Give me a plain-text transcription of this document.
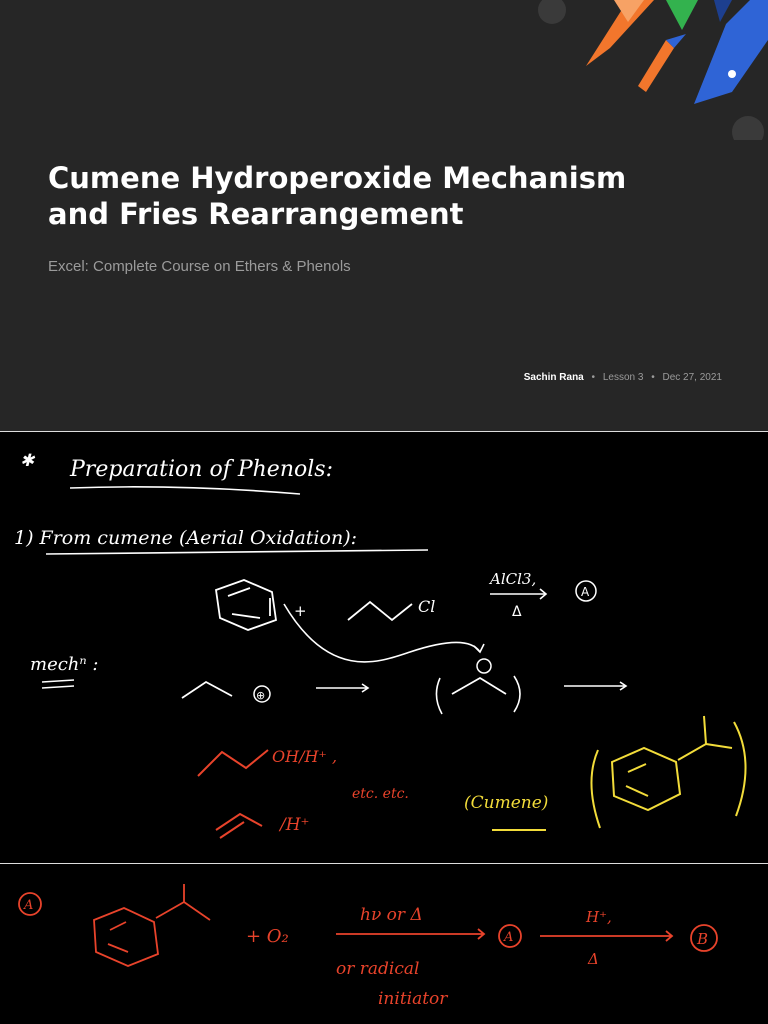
Cumene Hydroperoxide Mechanism
and Fries Rearrangement
Excel: Complete Course on Ethers & Phenols
Sachin Rana • Lesson 3 • Dec 27, 2021
✱ Preparation of Phenols:
1) From cumene (Aerial Oxidation):
+	Cl
AlCl3,
Δ
A
mechⁿ :
⊕
OH/H⁺ ,
/H⁺
etc. etc.	(Cumene)
A
+ O₂
hν or Δ
or radical
initiator
A
H⁺,
Δ
B
